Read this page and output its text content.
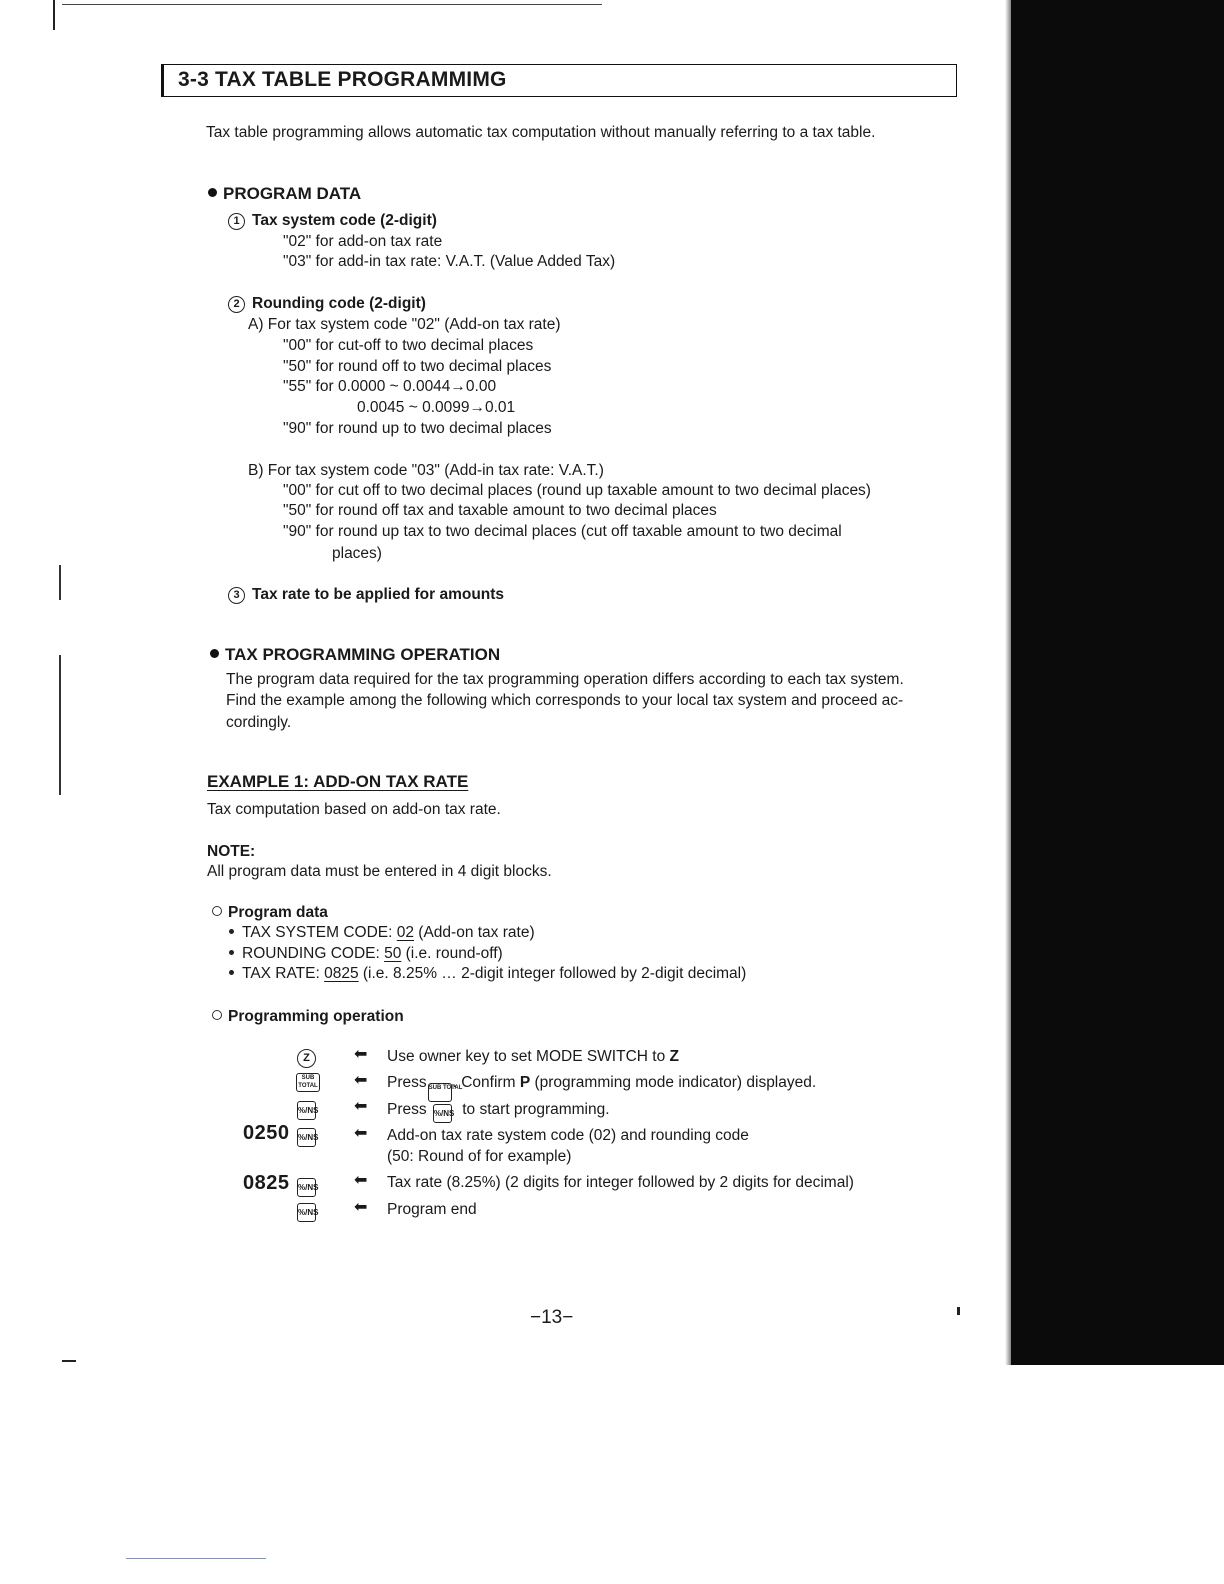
3-3 TAX TABLE PROGRAMMIMG
Tax table programming allows automatic tax computation without manually referring to a tax table.
PROGRAM DATA
1 Tax system code (2-digit)
"02" for add-on tax rate
"03" for add-in tax rate: V.A.T. (Value Added Tax)
2 Rounding code (2-digit)
A) For tax system code "02" (Add-on tax rate)
"00" for cut-off to two decimal places
"50" for round off to two decimal places
"55" for 0.0000 ~ 0.0044→0.00
0.0045 ~ 0.0099→0.01
"90" for round up to two decimal places
B) For tax system code "03" (Add-in tax rate: V.A.T.)
"00" for cut off to two decimal places (round up taxable amount to two decimal places)
"50" for round off tax and taxable amount to two decimal places
"90" for round up tax to two decimal places (cut off taxable amount to two decimal
places)
3 Tax rate to be applied for amounts
TAX PROGRAMMING OPERATION
The program data required for the tax programming operation differs according to each tax system.
Find the example among the following which corresponds to your local tax system and proceed ac-
cordingly.
EXAMPLE 1: ADD-ON TAX RATE
Tax computation based on add-on tax rate.
NOTE:
All program data must be entered in 4 digit blocks.
Program data
TAX SYSTEM CODE: 02 (Add-on tax rate)
ROUNDING CODE: 50 (i.e. round-off)
TAX RATE: 0825 (i.e. 8.25% … 2-digit integer followed by 2-digit decimal)
Programming operation
Z	⬅ Use owner key to set MODE SWITCH to Z
SUB TOTAL ⬅ Press SUB TOTAL. Confirm P (programming mode indicator) displayed.
%/NS ⬅ Press %/NS to start programming.
0250 %/NS ⬅ Add-on tax rate system code (02) and rounding code
(50: Round of for example)
0825 %/NS ⬅ Tax rate (8.25%) (2 digits for integer followed by 2 digits for decimal)
%/NS ⬅ Program end
−13−
